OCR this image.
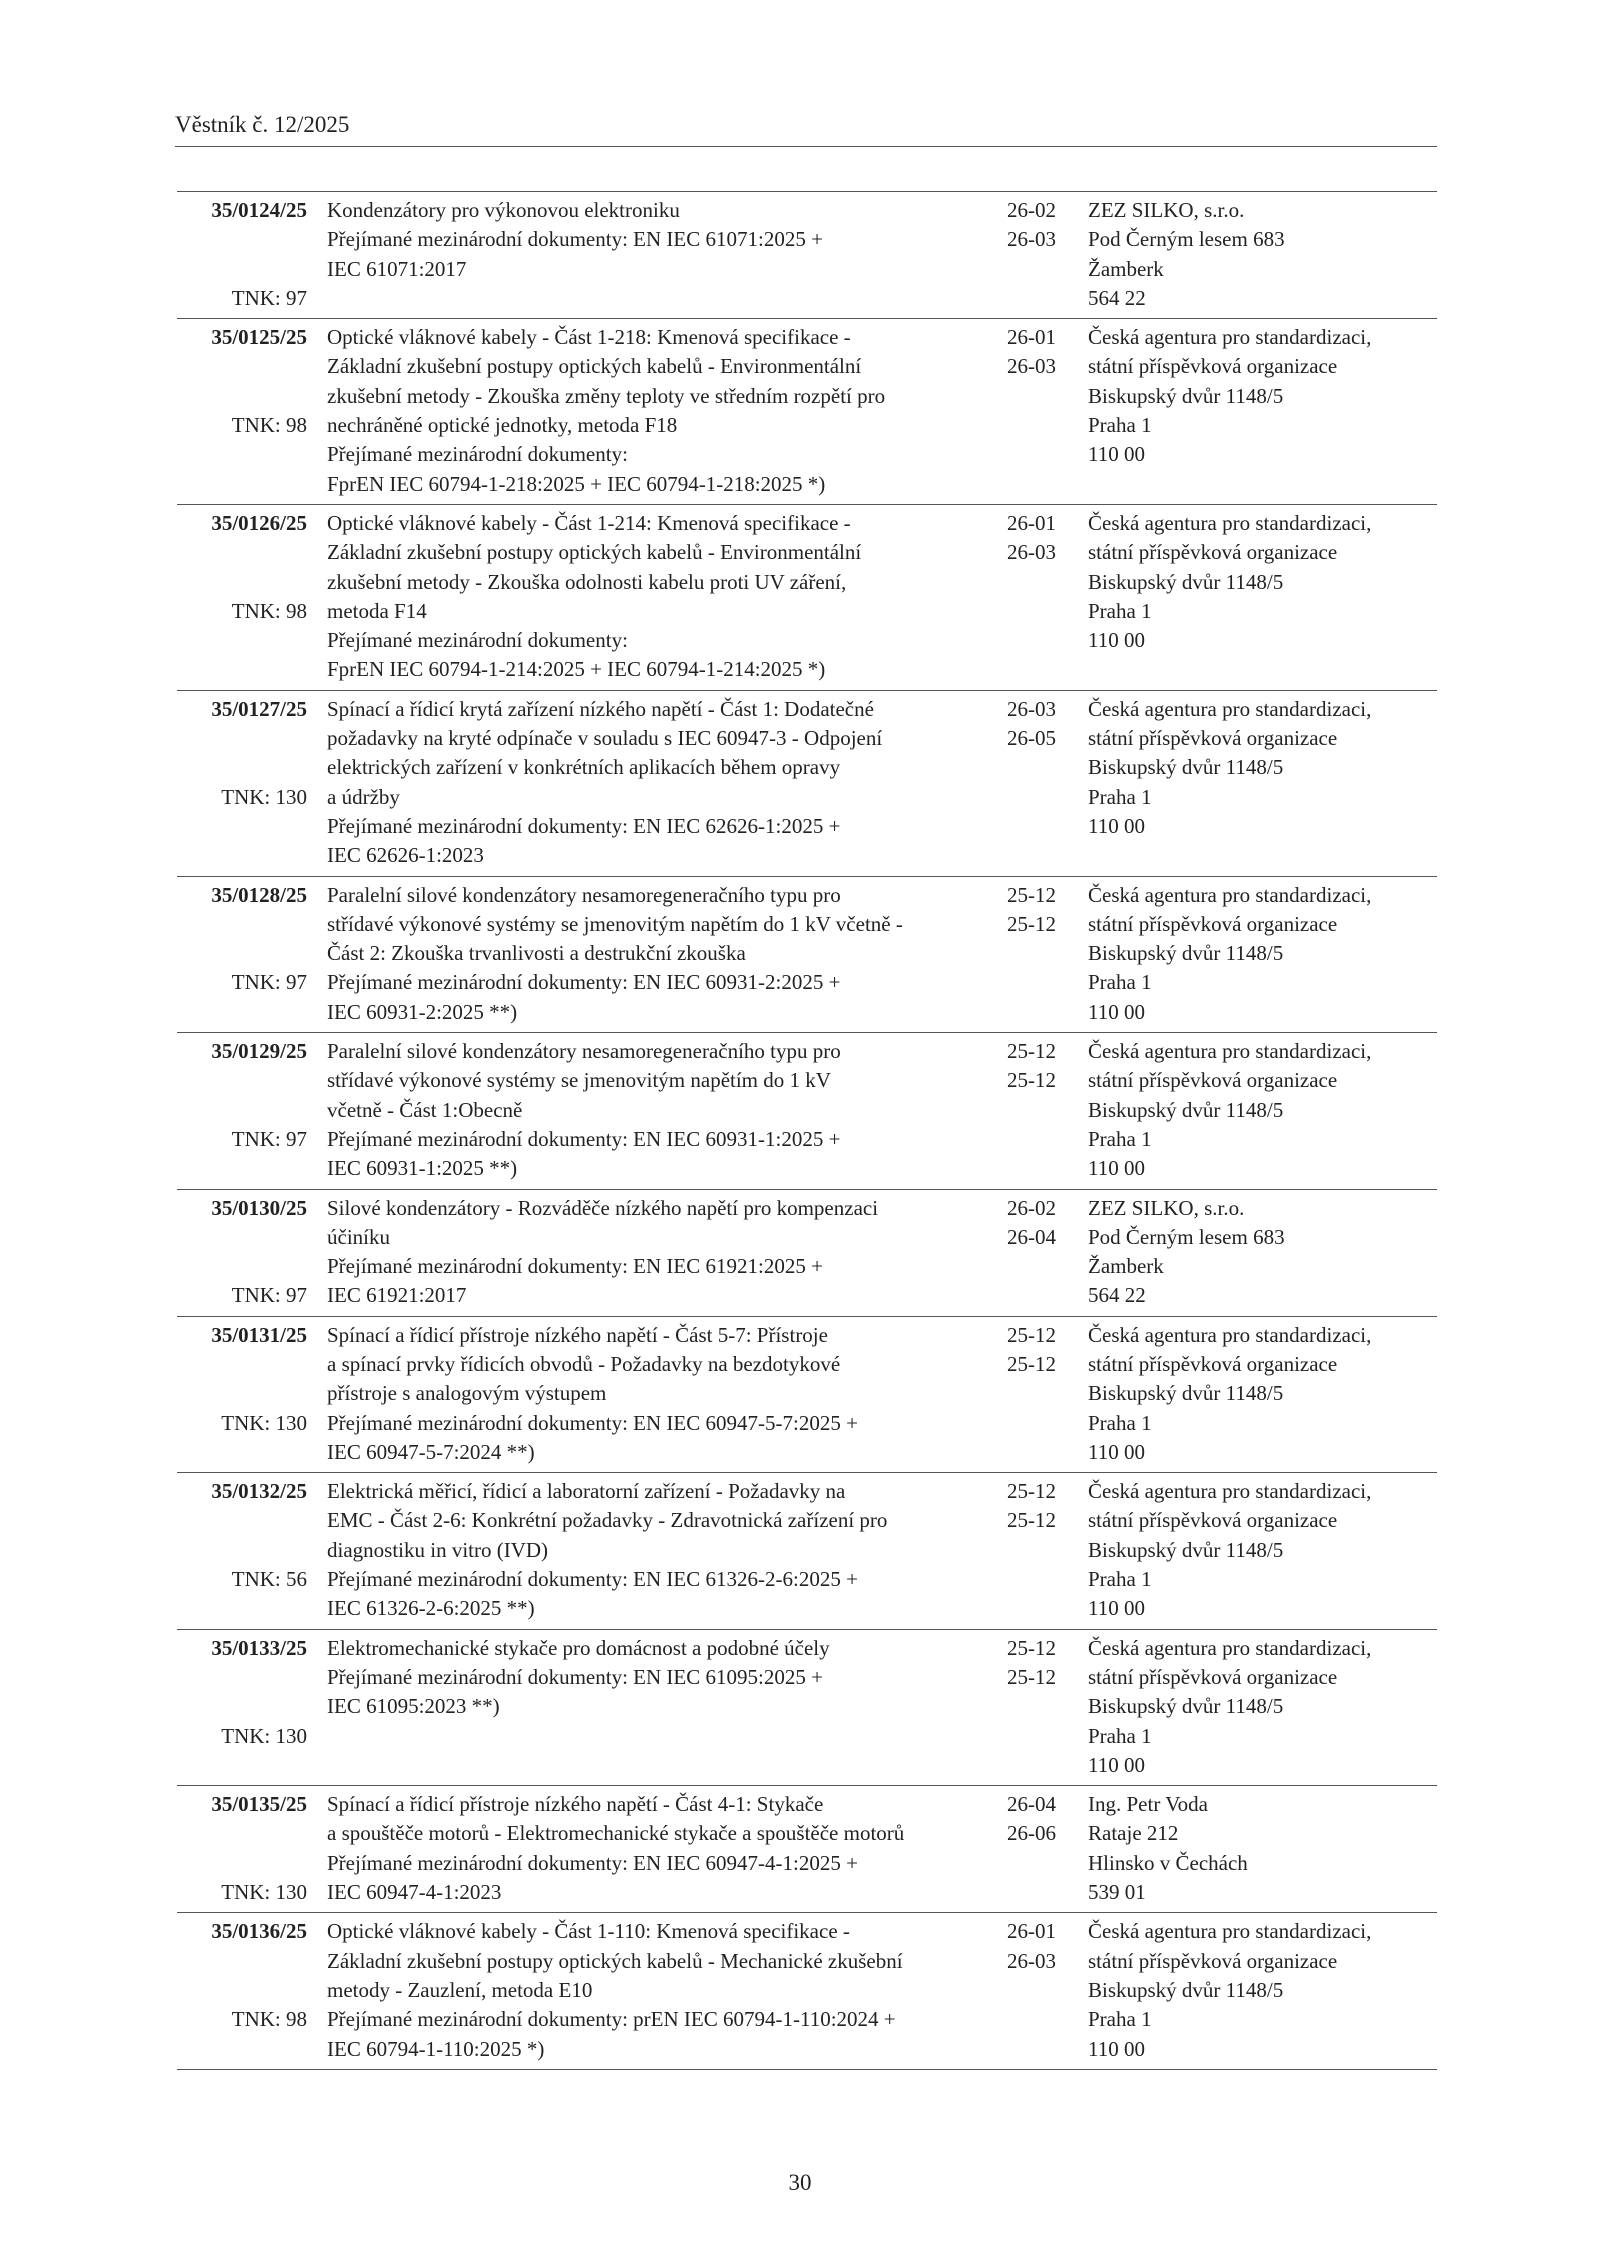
Věstník č. 12/2025
35/0124/25
TNK: 97
Kondenzátory pro výkonovou elektroniku
Přejímané mezinárodní dokumenty: EN IEC 61071:2025 +
IEC 61071:2017
26-02
26-03
ZEZ SILKO, s.r.o.
Pod Černým lesem 683
Žamberk
564 22
35/0125/25
TNK: 98
Optické vláknové kabely - Část 1-218: Kmenová specifikace -
Základní zkušební postupy optických kabelů - Environmentální
zkušební metody - Zkouška změny teploty ve středním rozpětí pro
nechráněné optické jednotky, metoda F18
Přejímané mezinárodní dokumenty:
FprEN IEC 60794-1-218:2025 + IEC 60794-1-218:2025 *)
26-01
26-03
Česká agentura pro standardizaci,
státní příspěvková organizace
Biskupský dvůr 1148/5
Praha 1
110 00
35/0126/25
TNK: 98
Optické vláknové kabely - Část 1-214: Kmenová specifikace -
Základní zkušební postupy optických kabelů - Environmentální
zkušební metody - Zkouška odolnosti kabelu proti UV záření,
metoda F14
Přejímané mezinárodní dokumenty:
FprEN IEC 60794-1-214:2025 + IEC 60794-1-214:2025 *)
26-01
26-03
Česká agentura pro standardizaci,
státní příspěvková organizace
Biskupský dvůr 1148/5
Praha 1
110 00
35/0127/25
TNK: 130
Spínací a řídicí krytá zařízení nízkého napětí - Část 1: Dodatečné
požadavky na kryté odpínače v souladu s IEC 60947-3 - Odpojení
elektrických zařízení v konkrétních aplikacích během opravy
a údržby
Přejímané mezinárodní dokumenty: EN IEC 62626-1:2025 +
IEC 62626-1:2023
26-03
26-05
Česká agentura pro standardizaci,
státní příspěvková organizace
Biskupský dvůr 1148/5
Praha 1
110 00
35/0128/25
TNK: 97
Paralelní silové kondenzátory nesamoregeneračního typu pro
střídavé výkonové systémy se jmenovitým napětím do 1 kV včetně -
Část 2: Zkouška trvanlivosti a destrukční zkouška
Přejímané mezinárodní dokumenty: EN IEC 60931-2:2025 +
IEC 60931-2:2025 **)
25-12
25-12
Česká agentura pro standardizaci,
státní příspěvková organizace
Biskupský dvůr 1148/5
Praha 1
110 00
35/0129/25
TNK: 97
Paralelní silové kondenzátory nesamoregeneračního typu pro
střídavé výkonové systémy se jmenovitým napětím do 1 kV
včetně - Část 1:Obecně
Přejímané mezinárodní dokumenty: EN IEC 60931-1:2025 +
IEC 60931-1:2025 **)
25-12
25-12
Česká agentura pro standardizaci,
státní příspěvková organizace
Biskupský dvůr 1148/5
Praha 1
110 00
35/0130/25
TNK: 97
Silové kondenzátory - Rozváděče nízkého napětí pro kompenzaci
účiníku
Přejímané mezinárodní dokumenty: EN IEC 61921:2025 +
IEC 61921:2017
26-02
26-04
ZEZ SILKO, s.r.o.
Pod Černým lesem 683
Žamberk
564 22
35/0131/25
TNK: 130
Spínací a řídicí přístroje nízkého napětí - Část 5-7: Přístroje
a spínací prvky řídicích obvodů - Požadavky na bezdotykové
přístroje s analogovým výstupem
Přejímané mezinárodní dokumenty: EN IEC 60947-5-7:2025 +
IEC 60947-5-7:2024 **)
25-12
25-12
Česká agentura pro standardizaci,
státní příspěvková organizace
Biskupský dvůr 1148/5
Praha 1
110 00
35/0132/25
TNK: 56
Elektrická měřicí, řídicí a laboratorní zařízení - Požadavky na
EMC - Část 2-6: Konkrétní požadavky - Zdravotnická zařízení pro
diagnostiku in vitro (IVD)
Přejímané mezinárodní dokumenty: EN IEC 61326-2-6:2025 +
IEC 61326-2-6:2025 **)
25-12
25-12
Česká agentura pro standardizaci,
státní příspěvková organizace
Biskupský dvůr 1148/5
Praha 1
110 00
35/0133/25
TNK: 130
Elektromechanické stykače pro domácnost a podobné účely
Přejímané mezinárodní dokumenty: EN IEC 61095:2025 +
IEC 61095:2023 **)
25-12
25-12
Česká agentura pro standardizaci,
státní příspěvková organizace
Biskupský dvůr 1148/5
Praha 1
110 00
35/0135/25
TNK: 130
Spínací a řídicí přístroje nízkého napětí - Část 4-1: Stykače
a spouštěče motorů - Elektromechanické stykače a spouštěče motorů
Přejímané mezinárodní dokumenty: EN IEC 60947-4-1:2025 +
IEC 60947-4-1:2023
26-04
26-06
Ing. Petr Voda
Rataje 212
Hlinsko v Čechách
539 01
35/0136/25
TNK: 98
Optické vláknové kabely - Část 1-110: Kmenová specifikace -
Základní zkušební postupy optických kabelů - Mechanické zkušební
metody - Zauzlení, metoda E10
Přejímané mezinárodní dokumenty: prEN IEC 60794-1-110:2024 +
IEC 60794-1-110:2025 *)
26-01
26-03
Česká agentura pro standardizaci,
státní příspěvková organizace
Biskupský dvůr 1148/5
Praha 1
110 00
30
